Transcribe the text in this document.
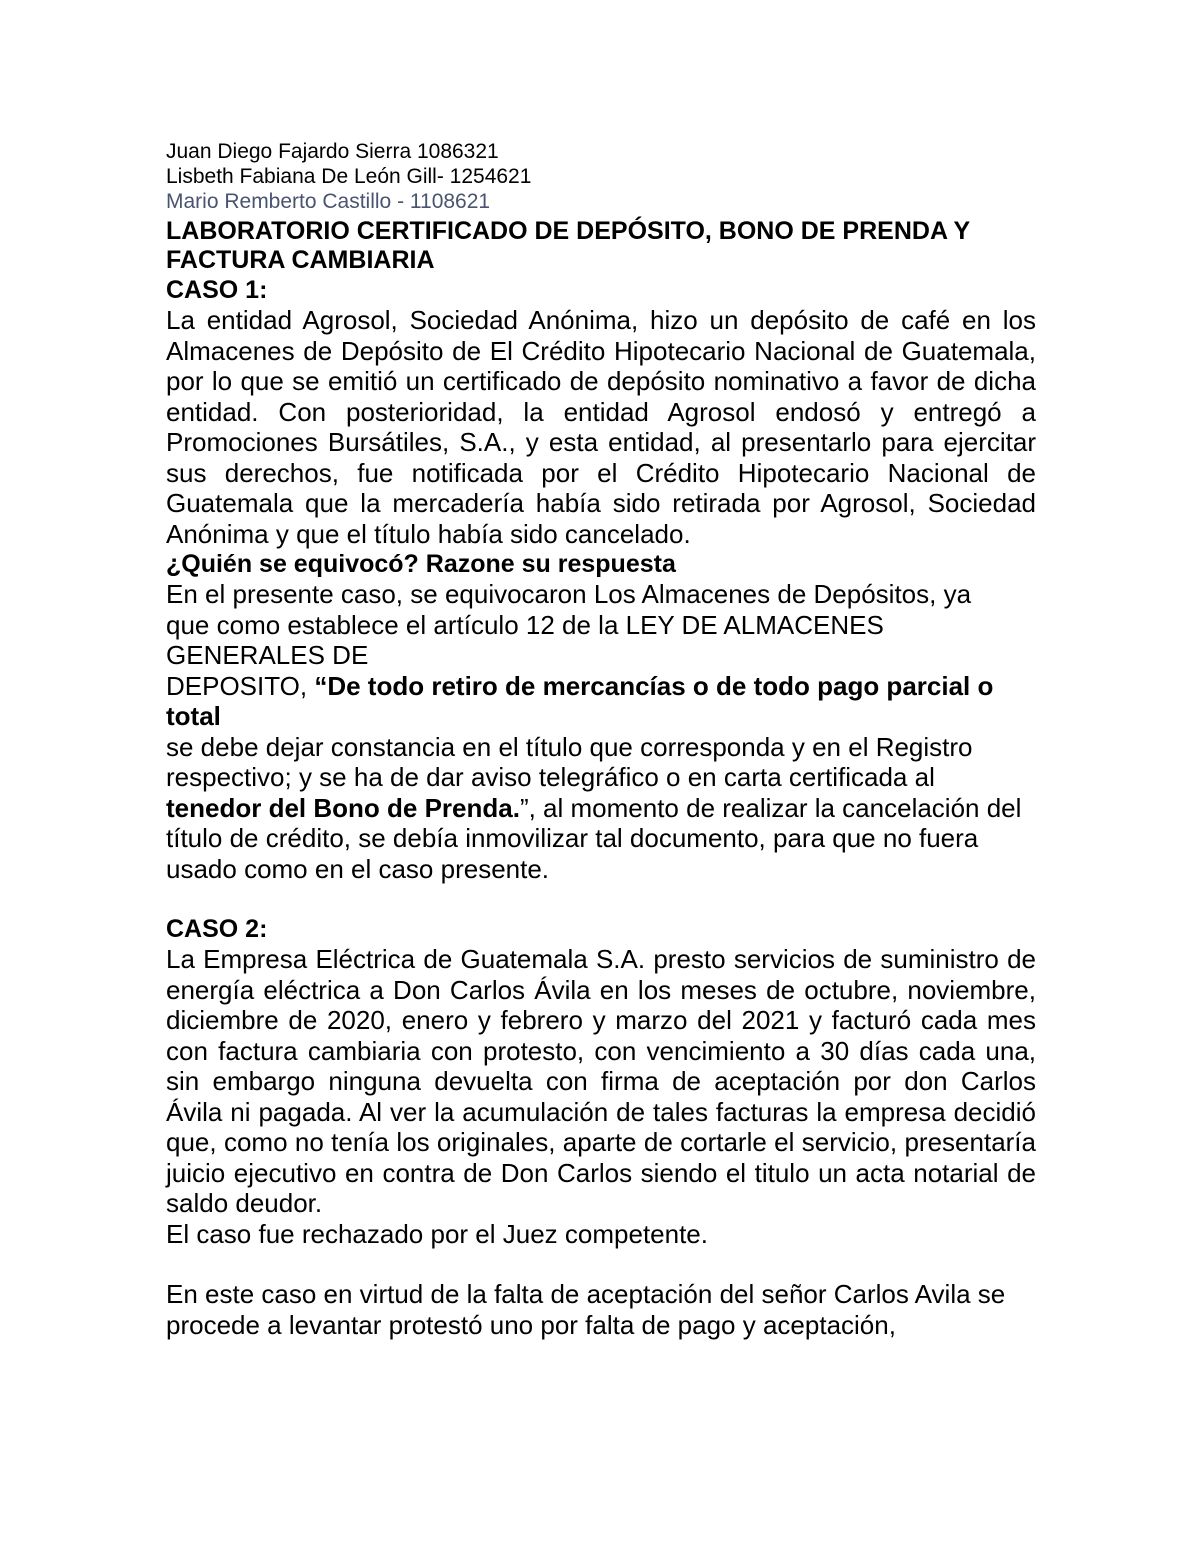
Juan Diego Fajardo Sierra 1086321
Lisbeth Fabiana De León Gill- 1254621
Mario Remberto Castillo - 1108621
LABORATORIO CERTIFICADO DE DEPÓSITO, BONO DE PRENDA Y
FACTURA CAMBIARIA
CASO 1:
La entidad Agrosol, Sociedad Anónima, hizo un depósito de café en los Almacenes de Depósito de El Crédito Hipotecario Nacional de Guatemala, por lo que se emitió un certificado de depósito nominativo a favor de dicha entidad. Con posterioridad, la entidad Agrosol endosó y entregó a Promociones Bursátiles, S.A., y esta entidad, al presentarlo para ejercitar sus derechos, fue notificada por el Crédito Hipotecario Nacional de Guatemala que la mercadería había sido retirada por Agrosol, Sociedad Anónima y que el título había sido cancelado.
¿Quién se equivocó? Razone su respuesta
En el presente caso, se equivocaron Los Almacenes de Depósitos, ya
que como establece el artículo 12 de la LEY DE ALMACENES
GENERALES DE
DEPOSITO, “De todo retiro de mercancías o de todo pago parcial o total
se debe dejar constancia en el título que corresponda y en el Registro
respectivo; y se ha de dar aviso telegráfico o en carta certificada al
tenedor del Bono de Prenda.”, al momento de realizar la cancelación del
título de crédito, se debía inmovilizar tal documento, para que no fuera
usado como en el caso presente.
CASO 2:
La Empresa Eléctrica de Guatemala S.A. presto servicios de suministro de energía eléctrica a Don Carlos Ávila en los meses de octubre, noviembre, diciembre de 2020, enero y febrero y marzo del 2021 y facturó cada mes con factura cambiaria con protesto, con vencimiento a 30 días cada una, sin embargo ninguna devuelta con firma de aceptación por don Carlos Ávila ni pagada. Al ver la acumulación de tales facturas la empresa decidió que, como no tenía los originales, aparte de cortarle el servicio, presentaría juicio ejecutivo en contra de Don Carlos siendo el titulo un acta notarial de saldo deudor.
El caso fue rechazado por el Juez competente.
En este caso en virtud de la falta de aceptación del señor Carlos Avila se
procede a levantar protestó uno por falta de pago y aceptación,
